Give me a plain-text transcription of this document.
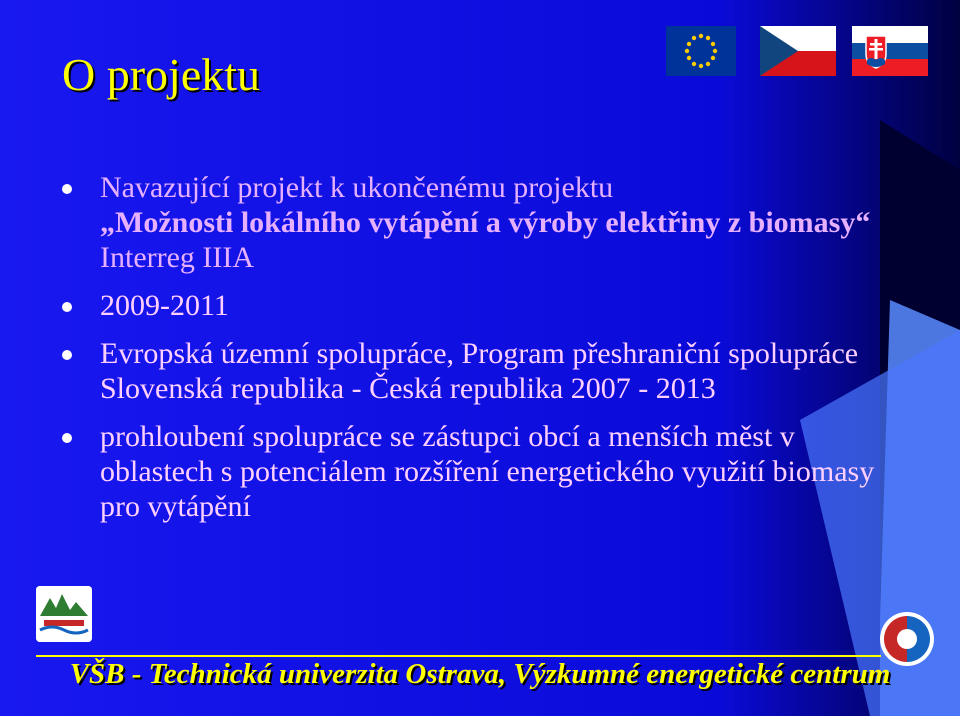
O projektu
Navazující projekt k ukončenému projektu
„Možnosti lokálního vytápění a výroby elektřiny z biomasy“ Interreg IIIA
2009-2011
Evropská územní spolupráce, Program přeshraniční spolupráce Slovenská republika - Česká republika 2007 - 2013
prohloubení spolupráce se zástupci obcí a menších měst v oblastech s potenciálem rozšíření energetického využití biomasy pro vytápění
VŠB - Technická univerzita Ostrava, Výzkumné energetické centrum
